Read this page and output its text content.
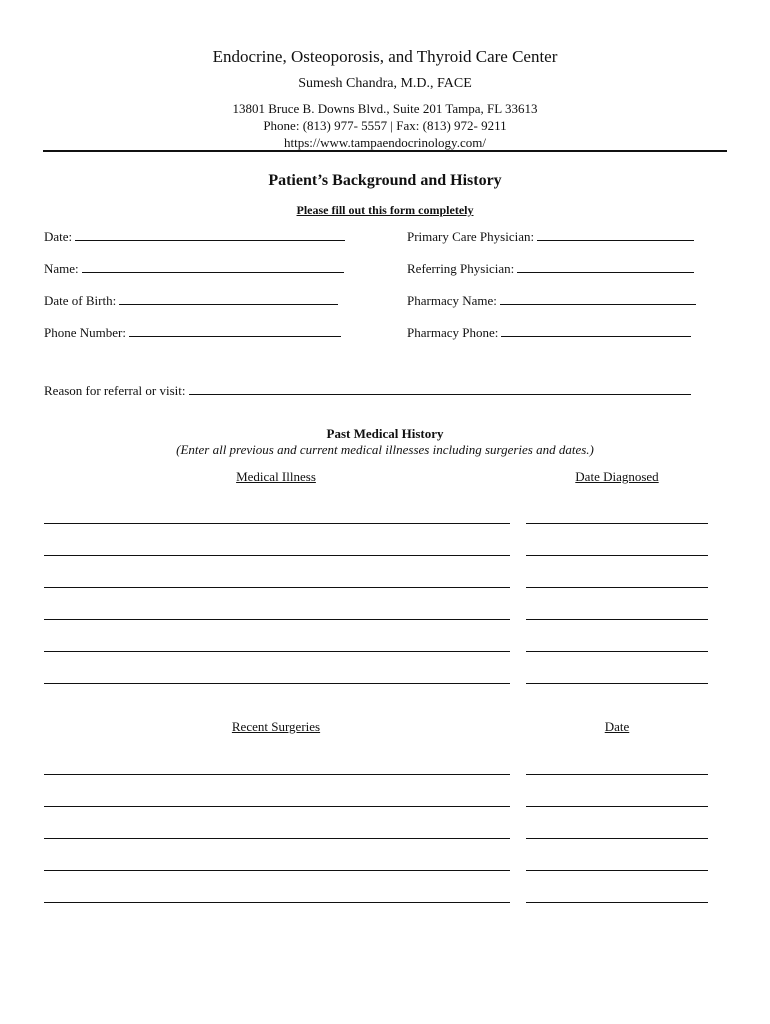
Endocrine, Osteoporosis, and Thyroid Care Center
Sumesh Chandra, M.D., FACE
13801 Bruce B. Downs Blvd., Suite 201 Tampa, FL 33613
Phone: (813) 977- 5557 | Fax: (813) 972- 9211
https://www.tampaendocrinology.com/
Patient’s Background and History
Please fill out this form completely
Date:
Name:
Date of Birth:
Phone Number:
Primary Care Physician:
Referring Physician:
Pharmacy Name:
Pharmacy Phone:
Reason for referral or visit:
Past Medical History
(Enter all previous and current medical illnesses including surgeries and dates.)
Medical Illness	Date Diagnosed
Recent Surgeries	Date
